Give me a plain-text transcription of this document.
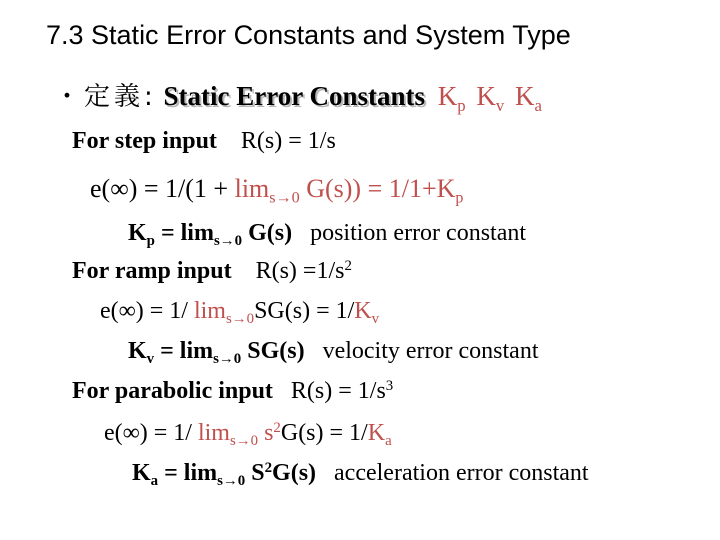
7.3 Static Error Constants and System Type
・定義: Static Error Constants $K_p$ $K_v$ $K_a$
For step input R(s) = 1/s
$e(\infty) = 1/(1 + \lim_{s\to 0} G(s)) = 1/1+K_p$
$K_p = \lim_{s\to 0} G(s)$ position error constant
For ramp input $R(s) =1/s^2$
e(∞) = 1/ $\lim_{s\to 0}SG(s) = 1/K_v$
$K_v = \lim_{s\to 0} SG(s)$ velocity error constant
For parabolic input $R(s) = 1/s^3$
e(∞) = 1/ $\lim_{s\to 0} s^2G(s) = 1/K_a$
$K_a = \lim_{s\to 0} S^2G(s)$ acceleration error constant
